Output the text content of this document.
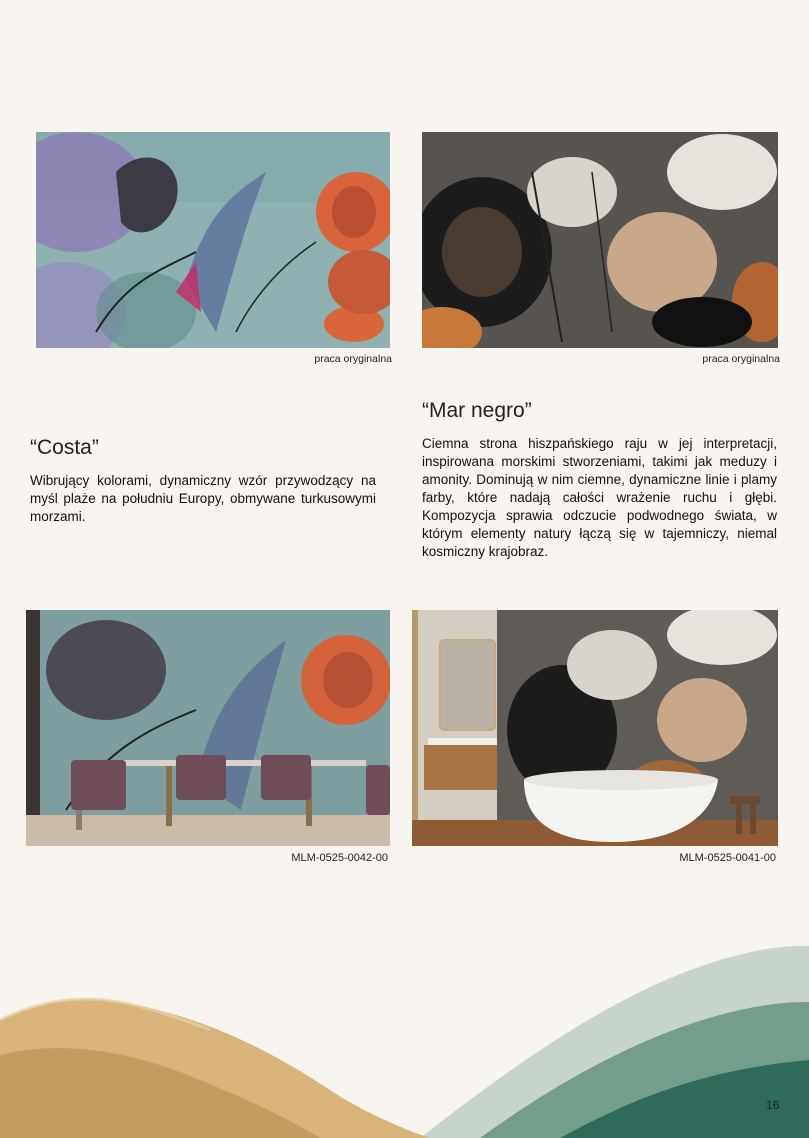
praca oryginalna	praca oryginalna
“Costa”

Wibrujący kolorami, dynamiczny wzór przywodzący na myśl plaże na południu Europy, obmywane turkusowymi morzami.

“Mar negro”

Ciemna strona hiszpańskiego raju w jej interpretacji, inspirowana morskimi stworzeniami, takimi jak meduzy i amonity. Dominują w nim ciemne, dynamiczne linie i plamy farby, które nadają całości wrażenie ruchu i głębi. Kompozycja sprawia odczucie podwodnego świata, w którym elementy natury łączą się w tajemniczy, niemal kosmiczny krajobraz.

MLM-0525-0042-00	MLM-0525-0041-00
16
